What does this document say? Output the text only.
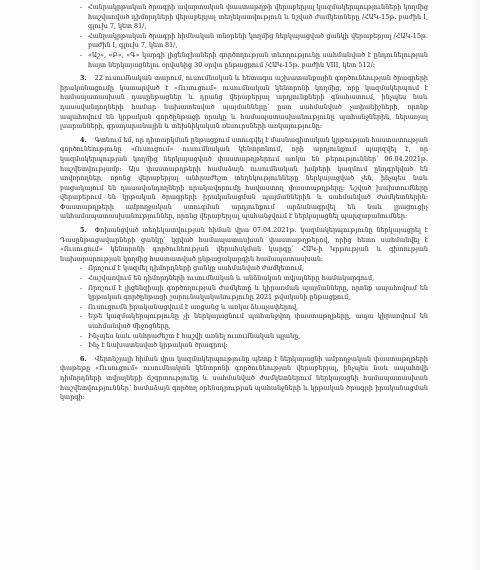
- Հանրակրթական ծրագրի ավարտական փաստաթղթի վերաբերյալ կազմակերպությունների կողմից հաշվառված դիմորդների վերաբերյալ տեղեկատվություն և նշված ժամկետները /ՀԱԿ-15թ. բաժին I, գլուխ 7, կետ 81/,
- Հանրակրթական ծրագրի հիմնական տնօրենի կողմից ներկայացված ցանկի վերաբերյալ /ՀԱԿ-15թ. բաժին I, գլուխ 7, կետ 81/,
- «Աշ», «Բ», «Գ» կարգի լիցենզիաների գործողության տևողությունը սահմանված է ընդունելության հայտ ներկայացնելու օրվանից 30 օրվա ընթացքում /ՀԱԿ-15թ. բաժին VIII, կետ 512/:

3. 22 ուսումնական տարում, ուսումնական և հետագա աշխատանքային գործունեության ծրագրերի իրականացումը կատարված է «Ուսուցում» ուսումնական կենտրոնի կողմից, որը կազմակերպում է համապատասխան դասընթացներ և դրանց վերաբերյալ արդյունքների գնահատում, ինչպես նաև դասավանդողների համար նախատեսված պայմանները՝ ըստ սահմանված չափանիշների, որոնք ապահովում են կրթական գործընթացի որակը և համապատասխանությունը պահանջներին, ներառյալ լսարանների, գրադարանային և տեխնիկական ռեսուրսների առկայությունը:

4. Գտնում եմ, որ դիտարկման ընթացքում ստուգվել է մասնագիտական կրթության հաստատության գործունեությունը «Ուսուցում» ուսումնական կենտրոնում, որի արդյունքում պարզվել է, որ կազմակերպության կողմից ներկայացված փաստաթղթերում առկա են թերություններ՝ 06.04.2021թ. հաշվետվությամբ: Այս փաստաթղթերի համաձայն ուսումնական խմբերի կազմում ընդգրկված են սովորողներ, որոնց վերաբերյալ անհրաժեշտ տեղեկությունները ներկայացված չեն, ինչպես նաև բացակայում են դասավանդողների որակավորումը հավաստող փաստաթղթերը: Նշված խախտումները վերաբերում են կրթական ծրագրերի իրականացման պայմաններին և սահմանված ժամկետներին: Փաստաթղթերի ամբողջական ստուգման արդյունքում արձանագրվել են նաև լրացուցիչ անհամապատասխանություններ, որոնց վերաբերյալ պահանջվում է ներկայացնել պարզաբանումներ:

5. Փոխանցված տեղեկատվության հիման վրա 07.04.2021թ. կազմակերպությունը ներկայացրել է Դասընթացավարների ցանկը՝ կցված համապատասխան փաստաթղթերով, որից հետո սահմանվել է «Ուսուցում» կենտրոնի գործունեության վերահսկման կարգը՝ ՀԱԿ-ի Կրթության և գիտության նախարարության կողմից հաստատված ընթացակարգին համապատասխան:

- Որոշում է կազմել դիմորդների ցանկը սահմանված ժամկետում,
- Հաշվառվում են դիմորդների ուսումնական և անձնական տվյալները համակարգում,
- Որոշում է լիցենզիայի գործողության ժամկետը և կիրառման պայմանները, որոնք ապահովում են կրթական գործընթացի շարունակականությունը 2021 թվականի ընթացքում,
- Ուսուցումն իրականացվում է առցանց և առկա ձևաչափերով,
- Եթե կազմակերպությունը չի ներկայացնում պահանջվող փաստաթղթերը, ապա կիրառվում են սահմանված միջոցները,
- Ինչպես նաև անհրաժեշտ է հաշվի առնել ուսումնական պլանը,
- Ինչ է նախատեսված կրթական ծրագրով:

6. Վերոնշյալի հիման վրա կազմակերպությունը պետք է ներկայացնի ամբողջական փաստաթղթերի փաթեթը «Ուսուցում» ուսումնական կենտրոնի գործունեության վերաբերյալ, ինչպես նաև ապահովի դիմորդների տվյալների ճշգրտությունը և սահմանված ժամկետներում ներկայացնի համապատասխան հաշվետվություններ՝ համաձայն գործող օրենսդրության պահանջների և կրթական ծրագրի իրականացման կարգի:
